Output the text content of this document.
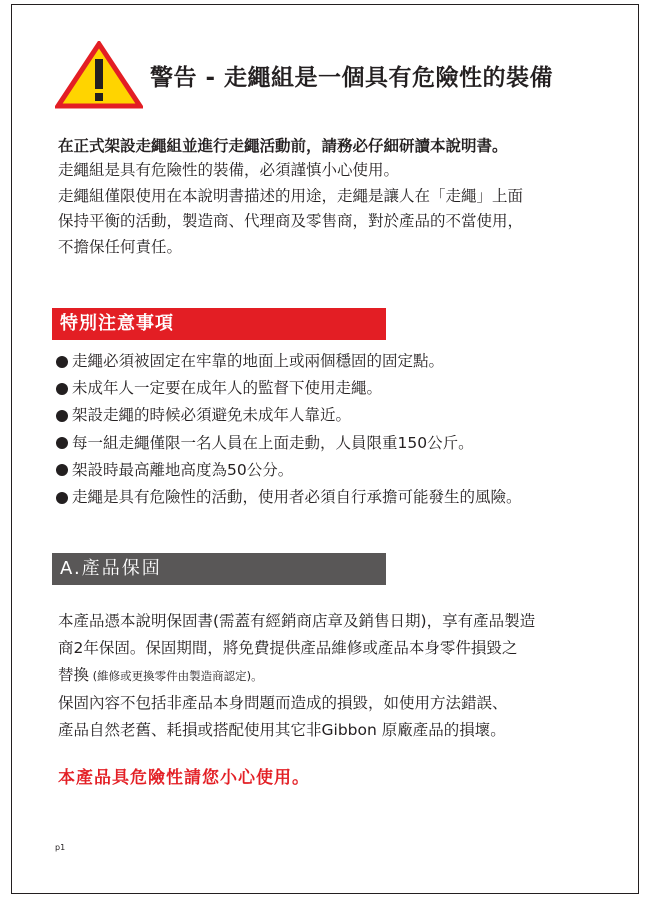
警告 - 走繩組是一個具有危險性的裝備
在正式架設走繩組並進行走繩活動前，請務必仔細研讀本說明書。

走繩組是具有危險性的裝備，必須謹慎小心使用。

走繩組僅限使用在本說明書描述的用途，走繩是讓人在「走繩」上面

保持平衡的活動，製造商、代理商及零售商，對於產品的不當使用，

不擔保任何責任。

特別注意事項
走繩必須被固定在牢靠的地面上或兩個穩固的固定點。
未成年人一定要在成年人的監督下使用走繩。
架設走繩的時候必須避免未成年人靠近。
每一組走繩僅限一名人員在上面走動，人員限重150公斤。
架設時最高離地高度為50公分。
走繩是具有危險性的活動，使用者必須自行承擔可能發生的風險。
A.產品保固

本產品憑本說明保固書(需蓋有經銷商店章及銷售日期)，享有產品製造

商2年保固。保固期間，將免費提供產品維修或產品本身零件損毀之

替換 (維修或更換零件由製造商認定)。

保固內容不包括非產品本身問題而造成的損毀，如使用方法錯誤、

產品自然老舊、耗損或搭配使用其它非Gibbon 原廠產品的損壞。

本產品具危險性請您小心使用。
p1
